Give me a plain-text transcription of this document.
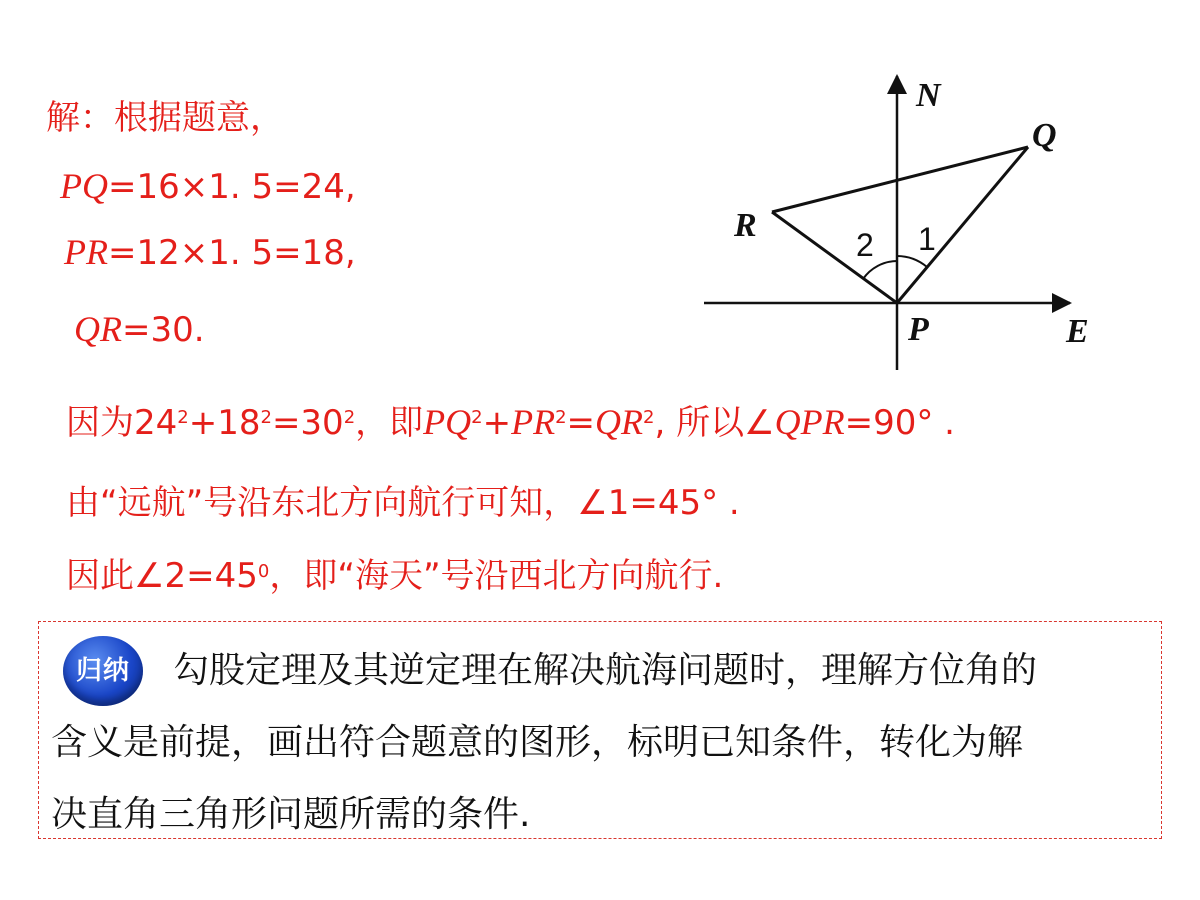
解：根据题意，
PQ=16×1. 5=24,
PR=12×1. 5=18,
QR=30.
因为$24^2+18^2=30^2$，即$PQ^2+PR^2=QR^2$, 所以∠QPR=90° .
由“远航”号沿东北方向航行可知，∠1=45° .
因此$\angle 2=45^0$，即“海天”号沿西北方向航行.
N
Q
R
P	E
1
2
归纳	勾股定理及其逆定理在解决航海问题时，理解方位角的
含义是前提，画出符合题意的图形，标明已知条件，转化为解
决直角三角形问题所需的条件.
